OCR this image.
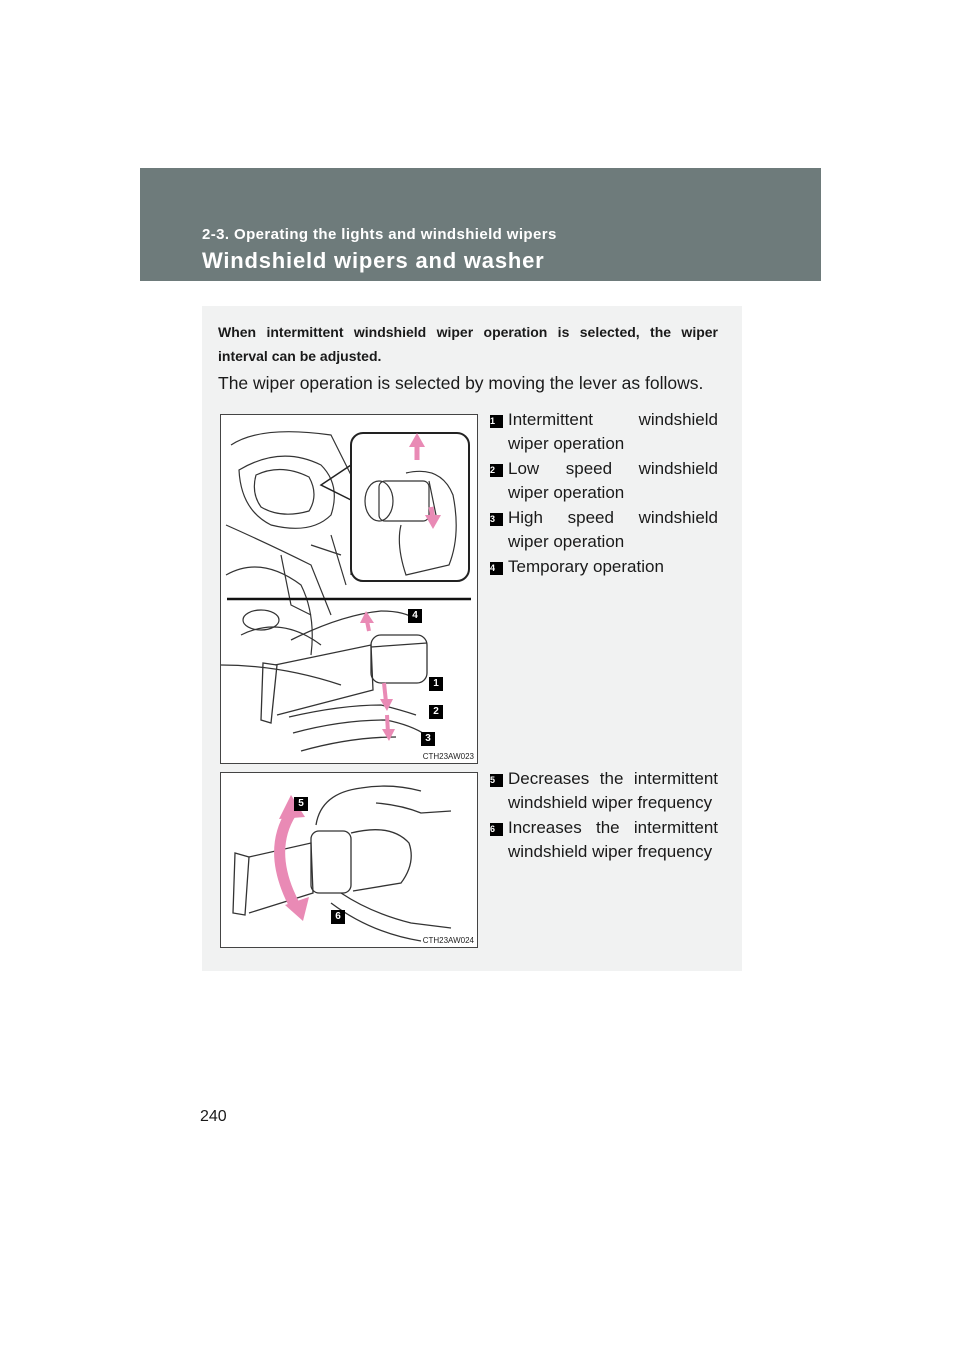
2-3. Operating the lights and windshield wipers
Windshield wipers and washer
When intermittent windshield wiper operation is selected, the wiper interval can be adjusted.
The wiper operation is selected by moving the lever as follows.
4
1
2
3
CTH23AW023
1 Intermittent windshield wiper operation
2 Low speed windshield wiper operation
3 High speed windshield wiper operation
4 Temporary operation
5
6
CTH23AW024
5 Decreases the intermittent windshield wiper frequency
6 Increases the intermittent windshield wiper frequency
240
